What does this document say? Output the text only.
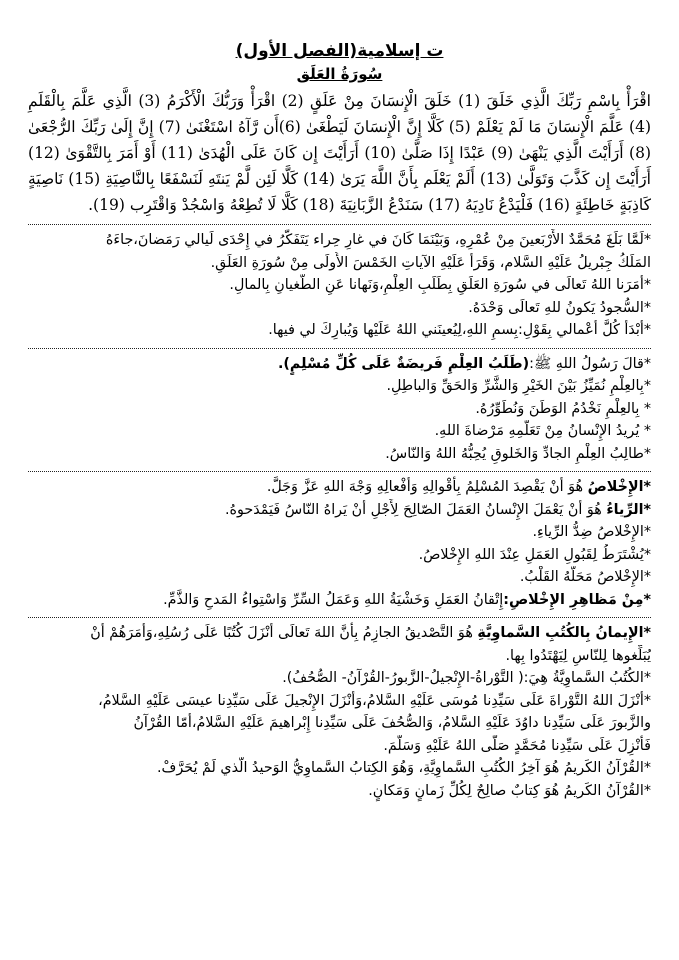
ت إسلامية(الفصل الأول)
سُورَةُ العَلَق

اقْرَأْ بِاسْمِ رَبِّكَ الَّذِي خَلَقَ (1) خَلَقَ الْإِنسَانَ مِنْ عَلَقٍ (2) اقْرَأْ وَرَبُّكَ الْأَكْرَمُ (3) الَّذِي عَلَّمَ بِالْقَلَمِ (4) عَلَّمَ الْإِنسَانَ مَا لَمْ يَعْلَمْ (5) كَلَّا إِنَّ الْإِنسَانَ لَيَطْغَىٰ (6)أَن رَّآهُ اسْتَغْنَىٰ (7) إِنَّ إِلَىٰ رَبِّكَ الرُّجْعَىٰ (8) أَرَأَيْتَ الَّذِي يَنْهَىٰ (9) عَبْدًا إِذَا صَلَّىٰ (10) أَرَأَيْتَ إِن كَانَ عَلَى الْهُدَىٰ (11) أَوْ أَمَرَ بِالتَّقْوَىٰ (12) أَرَأَيْتَ إِن كَذَّبَ وَتَوَلَّىٰ (13) أَلَمْ يَعْلَم بِأَنَّ اللَّهَ يَرَىٰ (14) كَلَّا لَئِن لَّمْ يَنتَهِ لَنَسْفَعًا بِالنَّاصِيَةِ (15) نَاصِيَةٍ كَاذِبَةٍ خَاطِئَةٍ (16) فَلْيَدْعُ نَادِيَهُ (17) سَنَدْعُ الزَّبَانِيَةَ (18) كَلَّا لَا تُطِعْهُ وَاسْجُدْ وَاقْتَرِب (19).

*لَمَّا بَلَغَ مُحَمَّدٌ الأَرْبَعينَ مِنْ عُمْرِهِ، وَبَيْنَمَا كَانَ في غارِ حِراء يَتَفَكَّرُ في إِحْدَى لَيالي رَمَضانَ،جاءَهُ

المَلَكُ جِبْريلُ عَلَيْهِ السَّلام، وَقَرَأَ عَلَيْهِ الآياتِ الخَمْسَ الأُولَى مِنْ سُورَةِ العَلَقِ.

*أَمَرَنا اللهُ تَعالَى في سُورَةِ العَلَقِ بِطَلَبِ العِلْمِ،وَنَهانا عَنِ الطُّغيانِ بِالمالِ.

*السُّجودُ يَكونُ للهِ تَعالَى وَحْدَهُ.

*أَبْدَأُ كُلَّ أَعْمالي بِقَوْلِ:بِسمِ اللهِ،لِيُعينَني اللهُ عَلَيْها وَيُبارِكَ لي فيها.

*قالَ رَسُولُ اللهِ ﷺ:(طَلَبُ العِلْمِ فَريضَةٌ عَلَى كُلِّ مُسْلِمٍ).

*بِالعِلْمِ نُمَيِّزُ بَيْنَ الخَيْرِ وَالشَّرِّ وَالحَقِّ وَالباطِلِ.

* بِالعِلْمِ نَخْدُمُ الوَطَنَ وَنُطَوِّرُهُ.

* يُريدُ الإِنْسانُ مِنْ تَعَلُّمِهِ مَرْضاةَ اللهِ.

*طالِبُ العِلْمِ الجادِّ وَالخَلوقِ يُحِبُّهُ اللهُ وَالنّاسُ.

*الإِخْلاصُ هُوَ أَنْ يَقْصِدَ المُسْلِمُ بِأَقْوالِهِ وَأَفْعالِهِ وَجْهَ اللهِ عَزَّ وَجَلَّ.

*الرِّياءُ هُوَ أَنْ يَعْمَلَ الإِنْسانُ العَمَلَ الصّالِحَ لِأَجْلِ أَنْ يَراهُ النّاسُ فَيَمْدَحوهُ.

*الإِخْلاصُ ضِدُّ الرِّياءِ.

*يُشْتَرَطُ لِقَبُولِ العَمَلِ عِنْدَ اللهِ الإِخْلاصُ.

*الإِخْلاصُ مَحَلُّهُ القَلْبُ.

*مِنْ مَظاهِرِ الإِخْلاصِ:إِتْقانُ العَمَلِ وَخَشْيَةُ اللهِ وَعَمَلُ السِّرِّ وَاسْتِواءُ المَدحِ وَالذَّمِّ.

*الإِيمانُ بِالكُتُبِ السَّماوِيَّةِ هُوَ التَّصْديقُ الجازِمُ بِأَنَّ اللهَ تَعالَى أَنْزَلَ كُتُبًا عَلَى رُسُلِهِ،وَأَمَرَهُمْ أَنْ

يُبَلِّغوها لِلنّاسِ لِيَهْتَدُوا بِها.

*الكُتُبُ السَّماوِيَّةُ هِيَ:( التَّوْراةُ-الإِنْجيلُ-الزَّبورُ-القُرْآنُ- الصُّحُفُ).

*أَنْزَلَ اللهُ التَّوْراةَ عَلَى سَيِّدِنا مُوسَى عَلَيْهِ السَّلامُ،وَأَنْزَلَ الإِنْجيلَ عَلَى سَيِّدِنا عيسَى عَلَيْهِ السَّلامُ،

والزَّبورَ عَلَى سَيِّدِنا داوُدَ عَلَيْهِ السَّلامُ، وَالصُّحُفَ عَلَى سَيِّدِنا إِبْراهيمَ عَلَيْهِ السَّلامُ،أَمّا القُرْآنُ

فَأُنْزِلَ عَلَى سَيِّدِنا مُحَمَّدٍ صَلَّى اللهُ عَلَيْهِ وَسَلَّمَ.

*القُرْآنُ الكَريمُ هُوَ آخِرُ الكُتُبِ السَّماوِيَّةِ، وَهُوَ الكِتابُ السَّماوِيُّ الوَحيدُ الَّذي لَمْ يُحَرَّفْ.

*القُرْآنُ الكَريمُ هُوَ كِتابٌ صالِحٌ لِكُلِّ زَمانٍ وَمَكانٍ.
